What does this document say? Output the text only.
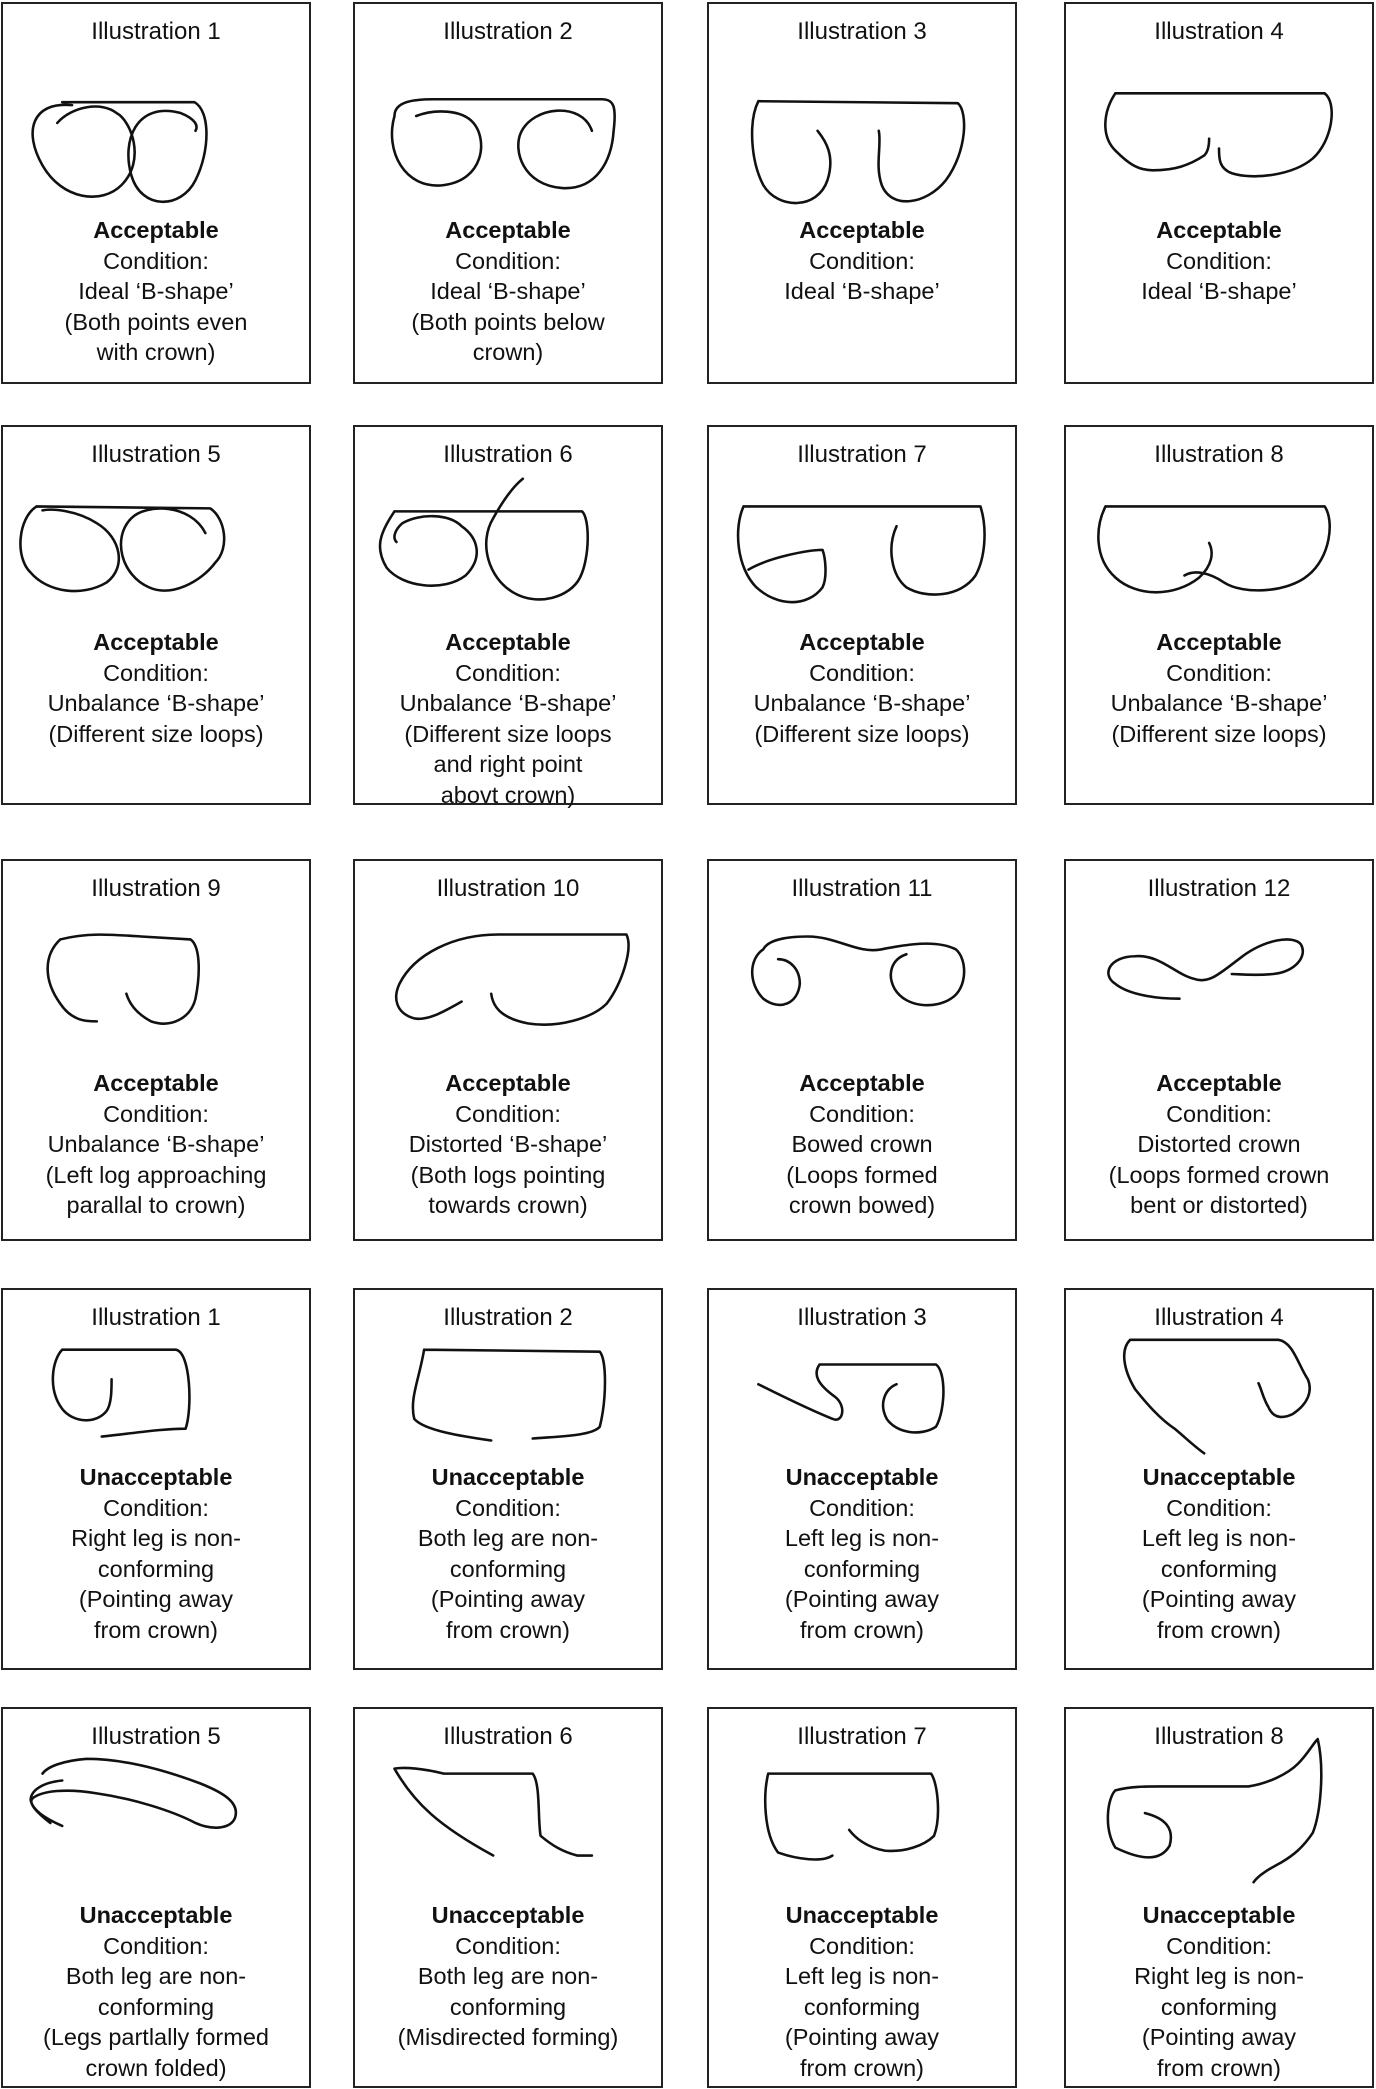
Illustration 1
Acceptable
Condition:
Ideal ‘B-shape’
(Both points even
with crown)
Illustration 2
Acceptable
Condition:
Ideal ‘B-shape’
(Both points below
crown)
Illustration 3
Acceptable
Condition:
Ideal ‘B-shape’
Illustration 4
Acceptable
Condition:
Ideal ‘B-shape’
Illustration 5
Acceptable
Condition:
Unbalance ‘B-shape’
(Different size loops)
Illustration 6
Acceptable
Condition:
Unbalance ‘B-shape’
(Different size loops
and right point
abovt crown)
Illustration 7
Acceptable
Condition:
Unbalance ‘B-shape’
(Different size loops)
Illustration 8
Acceptable
Condition:
Unbalance ‘B-shape’
(Different size loops)
Illustration 9
Acceptable
Condition:
Unbalance ‘B-shape’
(Left log approaching
parallal to crown)
Illustration 10
Acceptable
Condition:
Distorted ‘B-shape’
(Both logs pointing
towards crown)
Illustration 11
Acceptable
Condition:
Bowed crown
(Loops formed
crown bowed)
Illustration 12
Acceptable
Condition:
Distorted crown
(Loops formed crown
bent or distorted)
Illustration 1
Unacceptable
Condition:
Right leg is non-
conforming
(Pointing away
from crown)
Illustration 2
Unacceptable
Condition:
Both leg are non-
conforming
(Pointing away
from crown)
Illustration 3
Unacceptable
Condition:
Left leg is non-
conforming
(Pointing away
from crown)
Illustration 4
Unacceptable
Condition:
Left leg is non-
conforming
(Pointing away
from crown)
Illustration 5
Unacceptable
Condition:
Both leg are non-
conforming
(Legs partlally formed
crown folded)
Illustration 6
Unacceptable
Condition:
Both leg are non-
conforming
(Misdirected forming)
Illustration 7
Unacceptable
Condition:
Left leg is non-
conforming
(Pointing away
from crown)
Illustration 8
Unacceptable
Condition:
Right leg is non-
conforming
(Pointing away
from crown)
